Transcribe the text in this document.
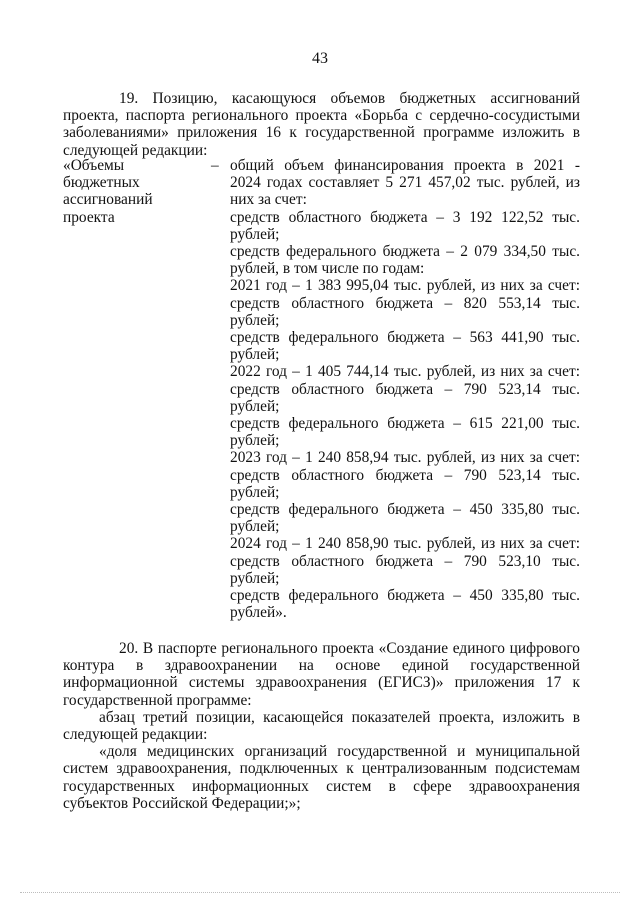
43

19. Позицию, касающуюся объемов бюджетных ассигнований проекта, паспорта регионального проекта «Борьба с сердечно-сосудистыми заболеваниями» приложения 16 к государственной программе изложить в следующей редакции:

«Объемы
бюджетных
ассигнований
проекта
– общий объем финансирования проекта в 2021 -
2024 годах составляет 5 271 457,02 тыс. рублей, из
них за счет:
средств областного бюджета – 3 192 122,52 тыс.
рублей;
средств федерального бюджета – 2 079 334,50 тыс.
рублей, в том числе по годам:
2021 год – 1 383 995,04 тыс. рублей, из них за счет:
средств областного бюджета – 820 553,14 тыс.
рублей;
средств федерального бюджета – 563 441,90 тыс.
рублей;
2022 год – 1 405 744,14 тыс. рублей, из них за счет:
средств областного бюджета – 790 523,14 тыс.
рублей;
средств федерального бюджета – 615 221,00 тыс.
рублей;
2023 год – 1 240 858,94 тыс. рублей, из них за счет:
средств областного бюджета – 790 523,14 тыс.
рублей;
средств федерального бюджета – 450 335,80 тыс.
рублей;
2024 год – 1 240 858,90 тыс. рублей, из них за счет:
средств областного бюджета – 790 523,10 тыс.
рублей;
средств федерального бюджета – 450 335,80 тыс.
рублей».

20. В паспорте регионального проекта «Создание единого цифрового контура в здравоохранении на основе единой государственной информационной системы здравоохранения (ЕГИСЗ)» приложения 17 к государственной программе:

абзац третий позиции, касающейся показателей проекта, изложить в следующей редакции:

«доля медицинских организаций государственной и муниципальной систем здравоохранения, подключенных к централизованным подсистемам государственных информационных систем в сфере здравоохранения субъектов Российской Федерации;»;
